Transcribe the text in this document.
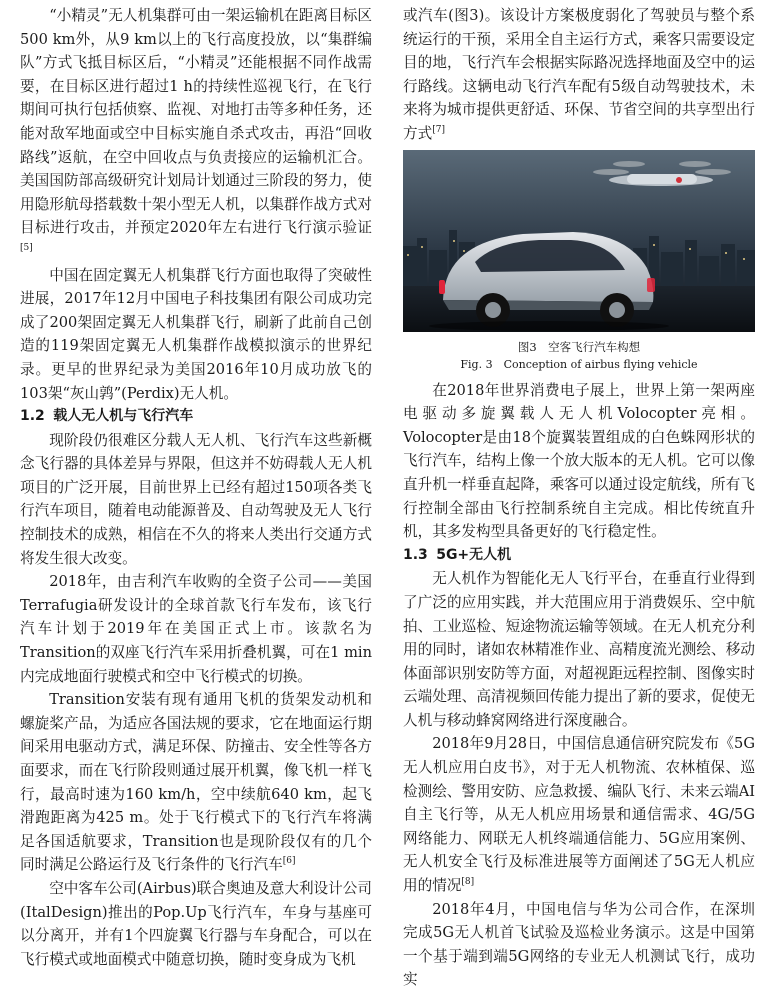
“小精灵”无人机集群可由一架运输机在距离目标区500 km外，从9 km以上的飞行高度投放，以“集群编队”方式飞抵目标区后，“小精灵”还能根据不同作战需要，在目标区进行超过1 h的持续性巡视飞行，在飞行期间可执行包括侦察、监视、对地打击等多种任务，还能对敌军地面或空中目标实施自杀式攻击，再沿“回收路线”返航，在空中回收点与负责接应的运输机汇合。美国国防部高级研究计划局计划通过三阶段的努力，使用隐形航母搭载数十架小型无人机，以集群作战方式对目标进行攻击，并预定2020年左右进行飞行演示验证[5]

中国在固定翼无人机集群飞行方面也取得了突破性进展，2017年12月中国电子科技集团有限公司成功完成了200架固定翼无人机集群飞行，刷新了此前自己创造的119架固定翼无人机集群作战模拟演示的世界纪录。更早的世界纪录为美国2016年10月成功放飞的103架“灰山鹑”(Perdix)无人机。

1.2 载人无人机与飞行汽车

现阶段仍很难区分载人无人机、飞行汽车这些新概念飞行器的具体差异与界限，但这并不妨碍载人无人机项目的广泛开展，目前世界上已经有超过150项各类飞行汽车项目，随着电动能源普及、自动驾驶及无人飞行控制技术的成熟，相信在不久的将来人类出行交通方式将发生很大改变。

2018年，由吉利汽车收购的全资子公司——美国Terrafugia研发设计的全球首款飞行车发布，该飞行汽车计划于2019年在美国正式上市。该款名为Transition的双座飞行汽车采用折叠机翼，可在1 min内完成地面行驶模式和空中飞行模式的切换。

Transition安装有现有通用飞机的货架发动机和螺旋桨产品，为适应各国法规的要求，它在地面运行期间采用电驱动方式，满足环保、防撞击、安全性等各方面要求，而在飞行阶段则通过展开机翼，像飞机一样飞行，最高时速为160 km/h，空中续航640 km，起飞滑跑距离为425 m。处于飞行模式下的飞行汽车将满足各国适航要求，Transition也是现阶段仅有的几个同时满足公路运行及飞行条件的飞行汽车[6]

空中客车公司(Airbus)联合奥迪及意大利设计公司(ItalDesign)推出的Pop.Up飞行汽车，车身与基座可以分离开，并有1个四旋翼飞行器与车身配合，可以在飞行模式或地面模式中随意切换，随时变身成为飞机

或汽车(图3)。该设计方案极度弱化了驾驶员与整个系统运行的干预，采用全自主运行方式，乘客只需要设定目的地，飞行汽车会根据实际路况选择地面及空中的运行路线。这辆电动飞行汽车配有5级自动驾驶技术，未来将为城市提供更舒适、环保、节省空间的共享型出行方式[7]

图3　空客飞行汽车构想
Fig. 3　Conception of airbus flying vehicle

在2018年世界消费电子展上，世界上第一架两座电驱动多旋翼载人无人机Volocopter亮相。Volocopter是由18个旋翼装置组成的白色蛛网形状的飞行汽车，结构上像一个放大版本的无人机。它可以像直升机一样垂直起降，乘客可以通过设定航线，所有飞行控制全部由飞行控制系统自主完成。相比传统直升机，其多发构型具备更好的飞行稳定性。

1.3 5G+无人机

无人机作为智能化无人飞行平台，在垂直行业得到了广泛的应用实践，并大范围应用于消费娱乐、空中航拍、工业巡检、短途物流运输等领域。在无人机充分利用的同时，诸如农林精准作业、高精度流光测绘、移动体面部识别安防等方面，对超视距远程控制、图像实时云端处理、高清视频回传能力提出了新的要求，促使无人机与移动蜂窝网络进行深度融合。

2018年9月28日，中国信息通信研究院发布《5G无人机应用白皮书》，对于无人机物流、农林植保、巡检测绘、警用安防、应急救援、编队飞行、未来云端AI自主飞行等，从无人机应用场景和通信需求、4G/5G网络能力、网联无人机终端通信能力、5G应用案例、无人机安全飞行及标准进展等方面阐述了5G无人机应用的情况[8]

2018年4月，中国电信与华为公司合作，在深圳完成5G无人机首飞试验及巡检业务演示。这是中国第一个基于端到端5G网络的专业无人机测试飞行，成功实
